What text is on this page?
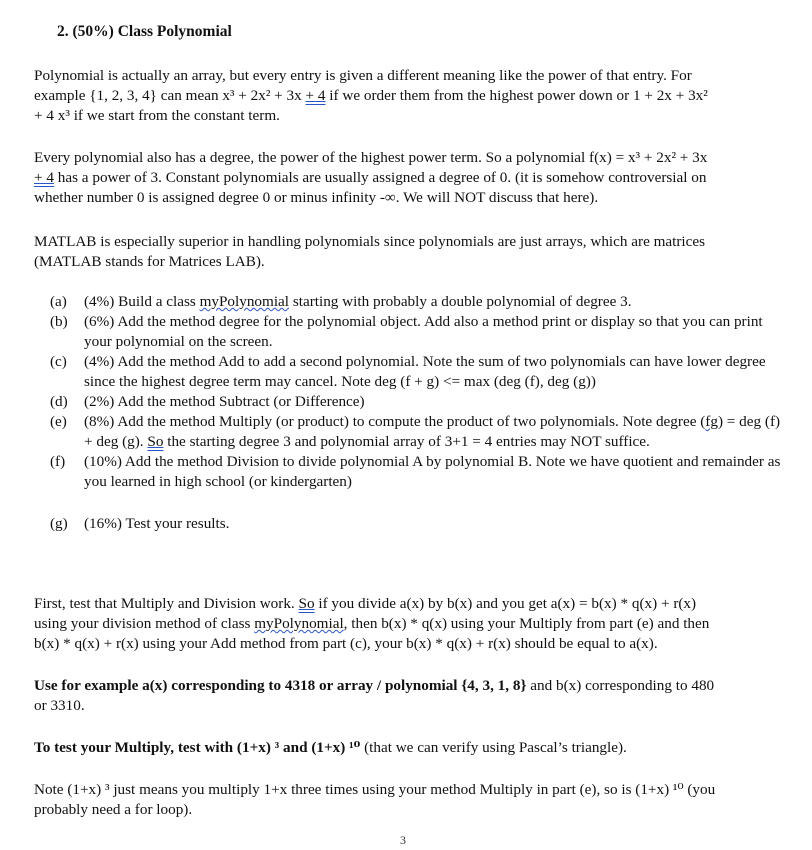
2. (50%) Class Polynomial
Polynomial is actually an array, but every entry is given a different meaning like the power of that entry. For
example {1, 2, 3, 4} can mean x³ + 2x² + 3x + 4 if we order them from the highest power down or 1 + 2x + 3x²
+ 4 x³ if we start from the constant term.
Every polynomial also has a degree, the power of the highest power term. So a polynomial f(x) = x³ + 2x² + 3x
+ 4 has a power of 3. Constant polynomials are usually assigned a degree of 0. (it is somehow controversial on
whether number 0 is assigned degree 0 or minus infinity -∞. We will NOT discuss that here).
MATLAB is especially superior in handling polynomials since polynomials are just arrays, which are matrices
(MATLAB stands for Matrices LAB).
(a)	(4%) Build a class myPolynomial starting with probably a double polynomial of degree 3.
(b)	(6%) Add the method degree for the polynomial object. Add also a method print or display so that you can print your polynomial on the screen.
(c)	(4%) Add the method Add to add a second polynomial. Note the sum of two polynomials can have lower degree since the highest degree term may cancel. Note deg (f + g) <= max (deg (f), deg (g))
(d)	(2%) Add the method Subtract (or Difference)
(e)	(8%) Add the method Multiply (or product) to compute the product of two polynomials. Note degree (fg) = deg (f) + deg (g). So the starting degree 3 and polynomial array of 3+1 = 4 entries may NOT suffice.
(f)	(10%) Add the method Division to divide polynomial A by polynomial B. Note we have quotient and remainder as you learned in high school (or kindergarten)
(g)	(16%) Test your results.
First, test that Multiply and Division work. So if you divide a(x) by b(x) and you get a(x) = b(x) * q(x) + r(x)
using your division method of class myPolynomial, then b(x) * q(x) using your Multiply from part (e) and then
b(x) * q(x) + r(x) using your Add method from part (c), your b(x) * q(x) + r(x) should be equal to a(x).
Use for example a(x) corresponding to 4318 or array / polynomial {4, 3, 1, 8} and b(x) corresponding to 480
or 3310.
To test your Multiply, test with (1+x) ³ and (1+x) ¹⁰ (that we can verify using Pascal’s triangle).
Note (1+x) ³ just means you multiply 1+x three times using your method Multiply in part (e), so is (1+x) ¹⁰ (you
probably need a for loop).
3
